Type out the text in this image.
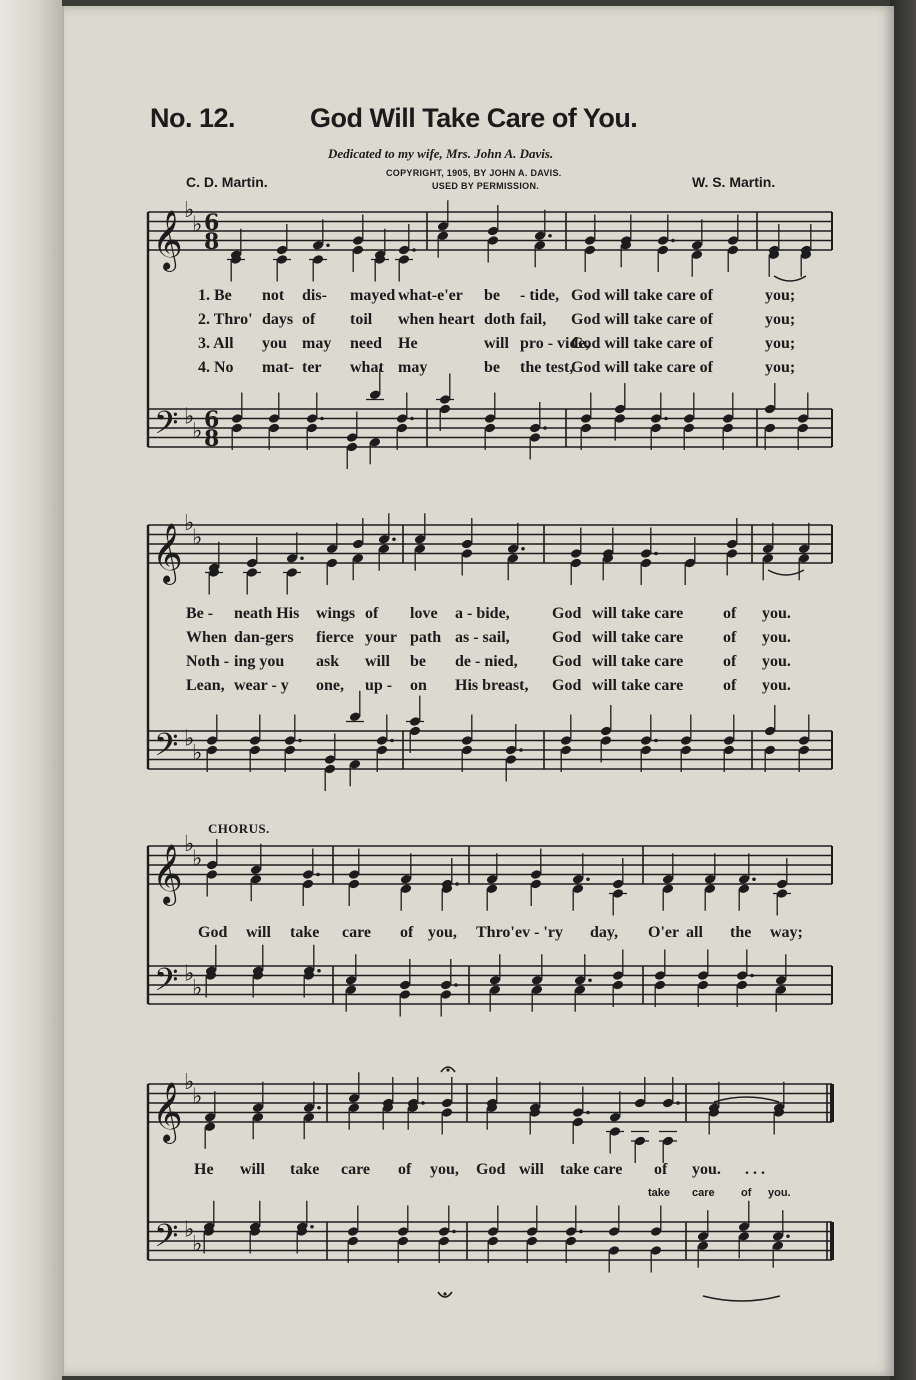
No. 12.	God Will Take Care of You.
Dedicated to my wife, Mrs. John A. Davis.
C. D. Martin.
COPYRIGHT, 1905, BY JOHN A. DAVIS.
USED BY PERMISSION.	W. S. Martin.
𝄞
𝄢
♭
♭
♭
♭
6
8
6
8
𝄞
𝄢
♭
♭
♭
♭
𝄞
𝄢
♭
♭
♭
♭
𝄞
𝄢
♭
♭
♭
♭
1. Be not dis- mayed what-e'er be - tide, God will take care of	you;
2. Thro' days of toil when heart doth fail, God will take care of	you;
3. All you may need He	will pro - vide,
God will take care of	you;
4. No mat- ter what may	be the test,
God will take care of	you;
Be - neath His wings of love a - bide,	God will take care of you.
When dan-gers fierce your path as - sail,	God will take care of you.
Noth - ing you ask will be de - nied, God will take care of you.
Lean, wear - y one, up - on His breast, God will take care of you.
CHORUS.
God will take care of you, Thro' ev - 'ry day, O'er all the way;
He will take care of you, God will take care of you. . . .
take care of you.
